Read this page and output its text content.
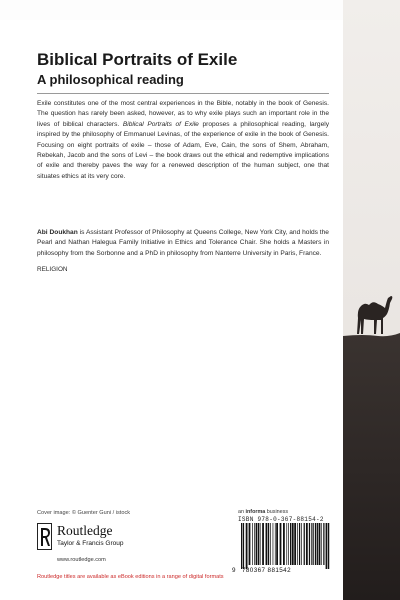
Biblical Portraits of Exile
A philosophical reading

Exile constitutes one of the most central experiences in the Bible, notably in the book of Genesis. The question has rarely been asked, however, as to why exile plays such an important role in the lives of biblical characters. Biblical Portraits of Exile proposes a philosophical reading, largely inspired by the philosophy of Emmanuel Levinas, of the experience of exile in the book of Genesis. Focusing on eight portraits of exile – those of Adam, Eve, Cain, the sons of Shem, Abraham, Rebekah, Jacob and the sons of Levi – the book draws out the ethical and redemptive implications of exile and thereby paves the way for a renewed description of the human subject, one that situates ethics at its very core.

Abi Doukhan is Assistant Professor of Philosophy at Queens College, New York City, and holds the Pearl and Nathan Halegua Family Initiative in Ethics and Tolerance Chair. She holds a Masters in philosophy from the Sorbonne and a PhD in philosophy from Nanterre University in Paris, France.

RELIGION

Cover image: © Guenter Guni / istock
Routledge
Taylor & Francis Group
www.routledge.com
Routledge titles are available as eBook editions in a range of digital formats
an informa business
ISBN 978-0-367-88154-2
9 780367 881542
